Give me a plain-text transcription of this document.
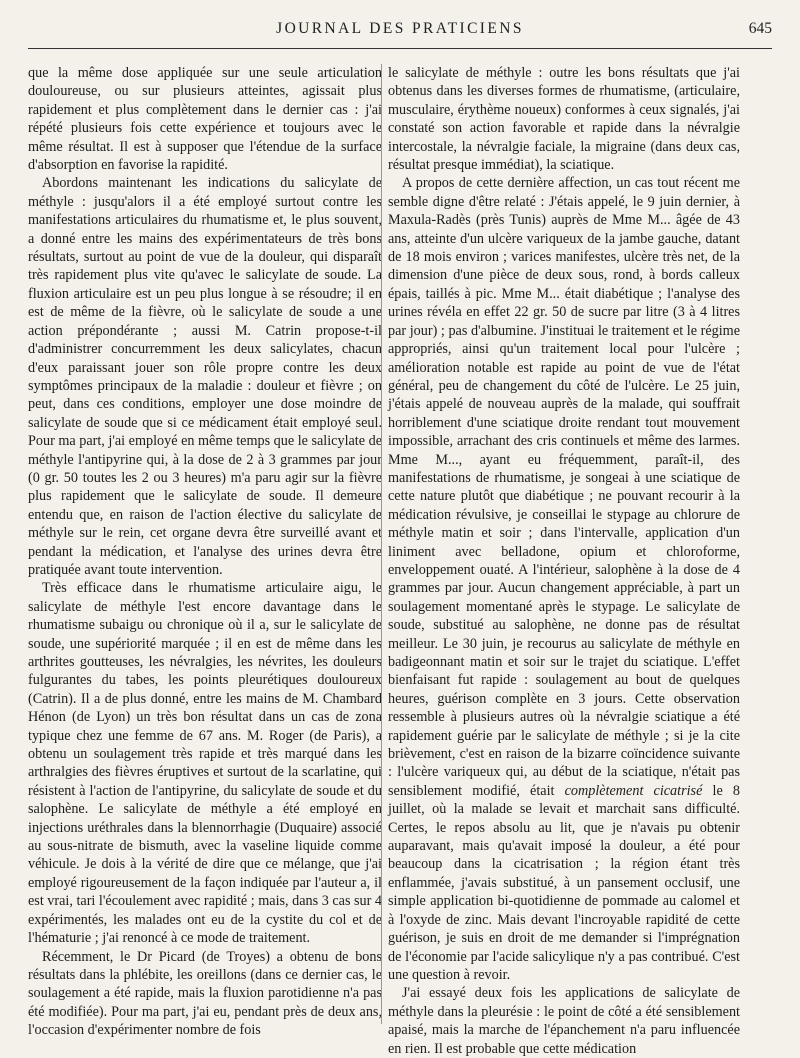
JOURNAL DES PRATICIENS	645

que la même dose appliquée sur une seule articulation douloureuse, ou sur plusieurs atteintes, agissait plus rapidement et plus complètement dans le dernier cas : j'ai répété plusieurs fois cette expérience et toujours avec le même résultat. Il est à supposer que l'étendue de la surface d'absorption en favorise la rapidité.

Abordons maintenant les indications du salicylate de méthyle : jusqu'alors il a été employé surtout contre les manifestations articulaires du rhumatisme et, le plus souvent, a donné entre les mains des expérimentateurs de très bons résultats, surtout au point de vue de la douleur, qui disparaît très rapidement plus vite qu'avec le salicylate de soude. La fluxion articulaire est un peu plus longue à se résoudre; il en est de même de la fièvre, où le salicylate de soude a une action prépondérante ; aussi M. Catrin propose-t-il d'administrer concurremment les deux salicylates, chacun d'eux paraissant jouer son rôle propre contre les deux symptômes principaux de la maladie : douleur et fièvre ; on peut, dans ces conditions, employer une dose moindre de salicylate de soude que si ce médicament était employé seul. Pour ma part, j'ai employé en même temps que le salicylate de méthyle l'antipyrine qui, à la dose de 2 à 3 grammes par jour (0 gr. 50 toutes les 2 ou 3 heures) m'a paru agir sur la fièvre plus rapidement que le salicylate de soude. Il demeure entendu que, en raison de l'action élective du salicylate de méthyle sur le rein, cet organe devra être surveillé avant et pendant la médication, et l'analyse des urines devra être pratiquée avant toute intervention.

Très efficace dans le rhumatisme articulaire aigu, le salicylate de méthyle l'est encore davantage dans le rhumatisme subaigu ou chronique où il a, sur le salicylate de soude, une supériorité marquée ; il en est de même dans les arthrites goutteuses, les névralgies, les névrites, les douleurs fulgurantes du tabes, les points pleurétiques douloureux (Catrin). Il a de plus donné, entre les mains de M. Chambard Hénon (de Lyon) un très bon résultat dans un cas de zona typique chez une femme de 67 ans. M. Roger (de Paris), a obtenu un soulagement très rapide et très marqué dans les arthralgies des fièvres éruptives et surtout de la scarlatine, qui résistent à l'action de l'antipyrine, du salicylate de soude et du salophène. Le salicylate de méthyle a été employé en injections uréthrales dans la blennorrhagie (Duquaire) associé au sous-nitrate de bismuth, avec la vaseline liquide comme véhicule. Je dois à la vérité de dire que ce mélange, que j'ai employé rigoureusement de la façon indiquée par l'auteur a, il est vrai, tari l'écoulement avec rapidité ; mais, dans 3 cas sur 4 expérimentés, les malades ont eu de la cystite du col et de l'hématurie ; j'ai renoncé à ce mode de traitement.

Récemment, le Dr Picard (de Troyes) a obtenu de bons résultats dans la phlébite, les oreillons (dans ce dernier cas, le soulagement a été rapide, mais la fluxion parotidienne n'a pas été modifiée). Pour ma part, j'ai eu, pendant près de deux ans, l'occasion d'expérimenter nombre de fois

le salicylate de méthyle : outre les bons résultats que j'ai obtenus dans les diverses formes de rhumatisme, (articulaire, musculaire, érythème noueux) conformes à ceux signalés, j'ai constaté son action favorable et rapide dans la névralgie intercostale, la névralgie faciale, la migraine (dans deux cas, résultat presque immédiat), la sciatique.

A propos de cette dernière affection, un cas tout récent me semble digne d'être relaté : J'étais appelé, le 9 juin dernier, à Maxula-Radès (près Tunis) auprès de Mme M... âgée de 43 ans, atteinte d'un ulcère variqueux de la jambe gauche, datant de 18 mois environ ; varices manifestes, ulcère très net, de la dimension d'une pièce de deux sous, rond, à bords calleux épais, taillés à pic. Mme M... était diabétique ; l'analyse des urines révéla en effet 22 gr. 50 de sucre par litre (3 à 4 litres par jour) ; pas d'albumine. J'instituai le traitement et le régime appropriés, ainsi qu'un traitement local pour l'ulcère ; amélioration notable est rapide au point de vue de l'état général, peu de changement du côté de l'ulcère. Le 25 juin, j'étais appelé de nouveau auprès de la malade, qui souffrait horriblement d'une sciatique droite rendant tout mouvement impossible, arrachant des cris continuels et même des larmes. Mme M..., ayant eu fréquemment, paraît-il, des manifestations de rhumatisme, je songeai à une sciatique de cette nature plutôt que diabétique ; ne pouvant recourir à la médication révulsive, je conseillai le stypage au chlorure de méthyle matin et soir ; dans l'intervalle, application d'un liniment avec belladone, opium et chloroforme, enveloppement ouaté. A l'intérieur, salophène à la dose de 4 grammes par jour. Aucun changement appréciable, à part un soulagement momentané après le stypage. Le salicylate de soude, substitué au salophène, ne donne pas de résultat meilleur. Le 30 juin, je recourus au salicylate de méthyle en badigeonnant matin et soir sur le trajet du sciatique. L'effet bienfaisant fut rapide : soulagement au bout de quelques heures, guérison complète en 3 jours. Cette observation ressemble à plusieurs autres où la névralgie sciatique a été rapidement guérie par le salicylate de méthyle ; si je la cite brièvement, c'est en raison de la bizarre coïncidence suivante : l'ulcère variqueux qui, au début de la sciatique, n'était pas sensiblement modifié, était complètement cicatrisé le 8 juillet, où la malade se levait et marchait sans difficulté. Certes, le repos absolu au lit, que je n'avais pu obtenir auparavant, mais qu'avait imposé la douleur, a été pour beaucoup dans la cicatrisation ; la région étant très enflammée, j'avais substitué, à un pansement occlusif, une simple application bi-quotidienne de pommade au calomel et à l'oxyde de zinc. Mais devant l'incroyable rapidité de cette guérison, je suis en droit de me demander si l'imprégnation de l'économie par l'acide salicylique n'y a pas contribué. C'est une question à revoir.

J'ai essayé deux fois les applications de salicylate de méthyle dans la pleurésie : le point de côté a été sensiblement apaisé, mais la marche de l'épanchement n'a paru influencée en rien. Il est probable que cette médication
